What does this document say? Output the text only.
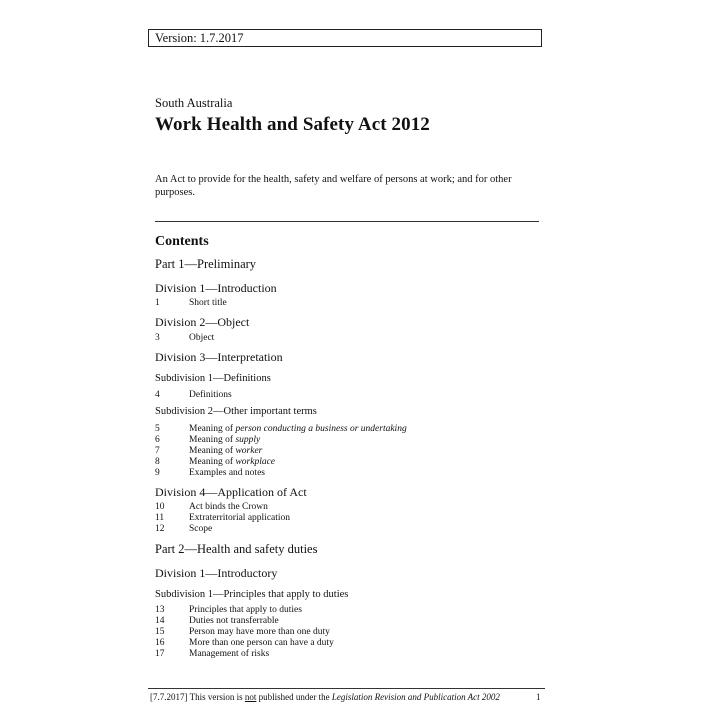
Version: 1.7.2017
South Australia
Work Health and Safety Act 2012
An Act to provide for the health, safety and welfare of persons at work; and for other purposes.
Contents
Part 1—Preliminary
Division 1—Introduction
1	Short title
Division 2—Object
3	Object
Division 3—Interpretation
Subdivision 1—Definitions
4	Definitions
Subdivision 2—Other important terms
5	Meaning of person conducting a business or undertaking
6	Meaning of supply
7	Meaning of worker
8	Meaning of workplace
9	Examples and notes
Division 4—Application of Act
10	Act binds the Crown
11	Extraterritorial application
12	Scope
Part 2—Health and safety duties
Division 1—Introductory
Subdivision 1—Principles that apply to duties
13	Principles that apply to duties
14	Duties not transferrable
15	Person may have more than one duty
16	More than one person can have a duty
17	Management of risks
[7.7.2017] This version is not published under the Legislation Revision and Publication Act 2002	1
